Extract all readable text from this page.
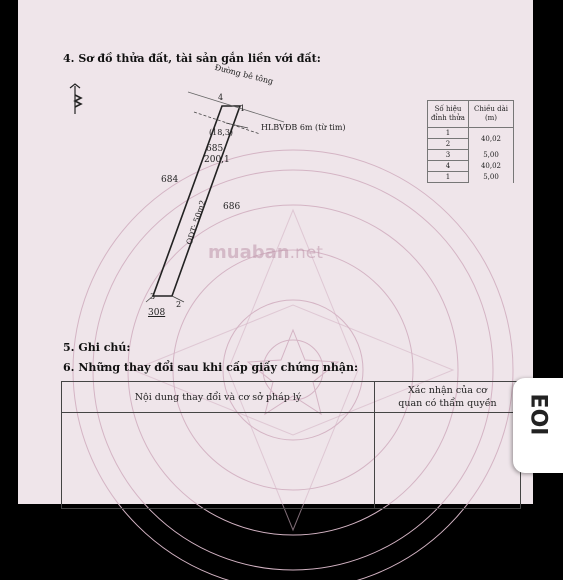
4. Sơ đồ thửa đất, tài sản gắn liền với đất:
Đường bê tông
HLBVĐB 6m (từ tim)
(18,3)
685
200,1
ODT: 50m2
4
1
3
2
684
686
308
muaban.net
Số hiệu đỉnh thửa	Chiều dài (m)
1	40,02
2	
3	5,00
4	40,02
1	5,00
5. Ghi chú:
6. Những thay đổi sau khi cấp giấy chứng nhận:
Nội dung thay đổi và cơ sở pháp lý	Xác nhận của cơ
quan có thẩm quyền
	EOI
